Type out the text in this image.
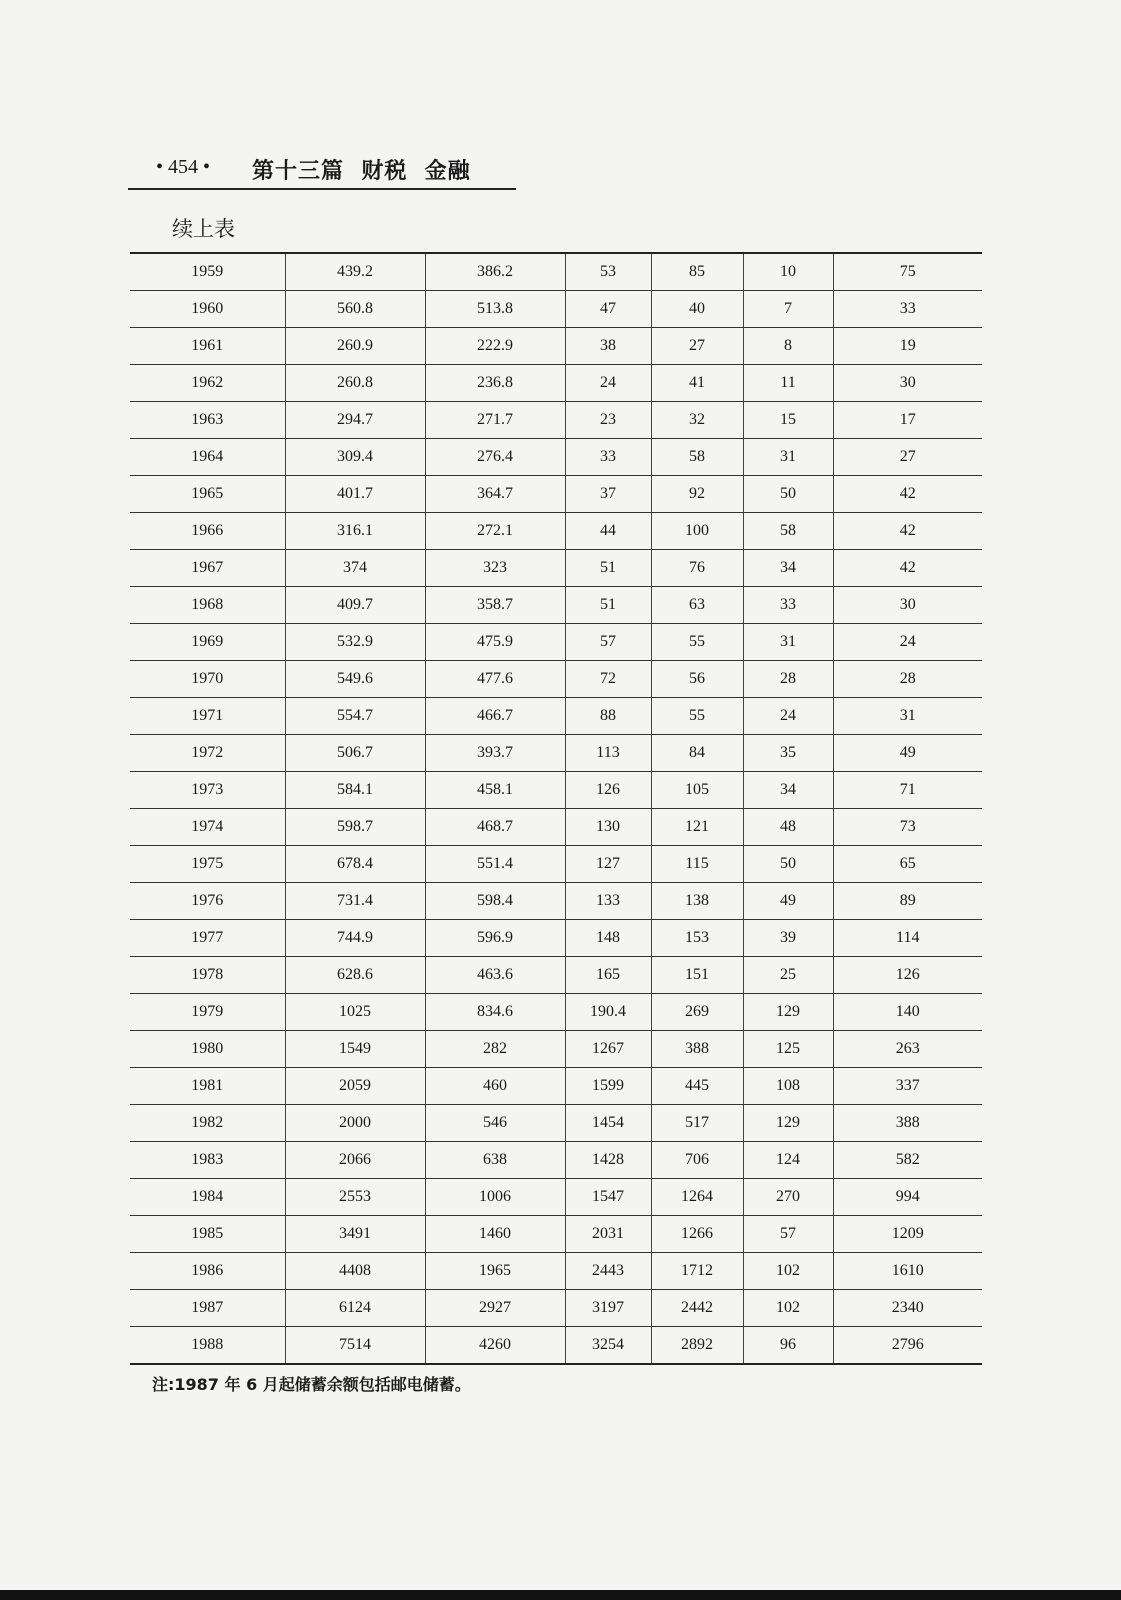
• 454 • 第十三篇  财税  金融
续上表
1959	439.2	386.2	53	85	10	75
1960	560.8	513.8	47	40	7	33
1961	260.9	222.9	38	27	8	19
1962	260.8	236.8	24	41	11	30
1963	294.7	271.7	23	32	15	17
1964	309.4	276.4	33	58	31	27
1965	401.7	364.7	37	92	50	42
1966	316.1	272.1	44	100	58	42
1967	374	323	51	76	34	42
1968	409.7	358.7	51	63	33	30
1969	532.9	475.9	57	55	31	24
1970	549.6	477.6	72	56	28	28
1971	554.7	466.7	88	55	24	31
1972	506.7	393.7	113	84	35	49
1973	584.1	458.1	126	105	34	71
1974	598.7	468.7	130	121	48	73
1975	678.4	551.4	127	115	50	65
1976	731.4	598.4	133	138	49	89
1977	744.9	596.9	148	153	39	114
1978	628.6	463.6	165	151	25	126
1979	1025	834.6	190.4	269	129	140
1980	1549	282	1267	388	125	263
1981	2059	460	1599	445	108	337
1982	2000	546	1454	517	129	388
1983	2066	638	1428	706	124	582
1984	2553	1006	1547	1264	270	994
1985	3491	1460	2031	1266	57	1209
1986	4408	1965	2443	1712	102	1610
1987	6124	2927	3197	2442	102	2340
1988	7514	4260	3254	2892	96	2796
注:1987 年 6 月起储蓄余额包括邮电储蓄。
